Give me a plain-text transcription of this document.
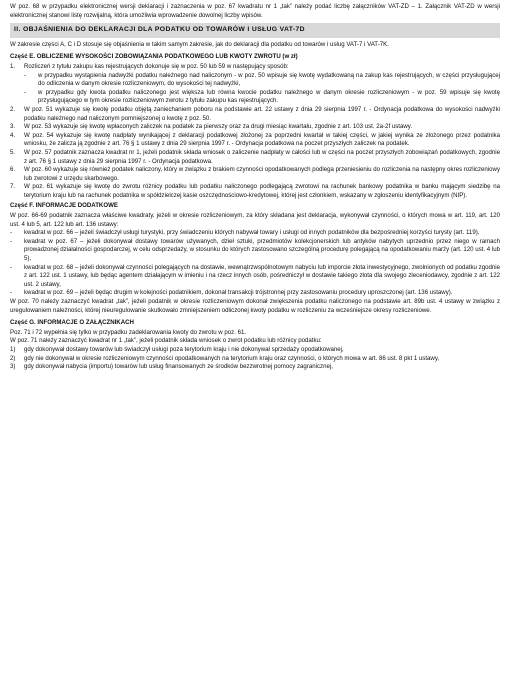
W poz. 68 w przypadku elektronicznej wersji deklaracji i zaznaczenia w poz. 67 kwadratu nr 1 „tak” należy podać liczbę załączników VAT-ZD – 1. Załącznik VAT-ZD w wersji elektronicznej stanowi listę rozwijalną, która umożliwia wprowadzenie dowolnej liczby wpisów.

II. OBJAŚNIENIA DO DEKLARACJI DLA PODATKU OD TOWARÓW I USŁUG VAT-7D

W zakresie części A, C i D stosuje się objaśnienia w takim samym zakresie, jak do deklaracji dla podatku od towarów i usług VAT-7 i VAT-7K.

Część E. OBLICZENIE WYSOKOŚCI ZOBOWIĄZANIA PODATKOWEGO LUB KWOTY ZWROTU (w zł)

1.	Rozliczeń z tytułu zakupu kas rejestrujących dokonuje się w poz. 50 lub 59 w następujący sposób:
-	w przypadku wystąpienia nadwyżki podatku należnego nad naliczonym - w poz. 50 wpisuje się kwotę wydatkowaną na zakup kas rejestrujących, w części przysługującej do odliczenia w danym okresie rozliczeniowym, do wysokości tej nadwyżki,
-	w przypadku gdy kwota podatku naliczonego jest większa lub równa kwocie podatku należnego w danym okresie rozliczeniowym - w poz. 59 wpisuje się kwotę przysługującego w tym okresie rozliczeniowym zwrotu z tytułu zakupu kas rejestrujących.
2.	W poz. 51 wykazuje się kwotę podatku objętą zaniechaniem poboru na podstawie art. 22 ustawy z dnia 29 sierpnia 1997 r. - Ordynacja podatkowa do wysokości nadwyżki podatku należnego nad naliczonym pomniejszonej o kwotę z poz. 50.
3.	W poz. 53 wykazuje się kwotę wpłaconych zaliczek na podatek za pierwszy oraz za drugi miesiąc kwartału, zgodnie z art. 103 ust. 2a-2f ustawy.
4.	W poz. 54 wykazuje się kwotę nadpłaty wynikającej z deklaracji podatkowej złożonej za poprzedni kwartał w takiej części, w jakiej wynika ze złożonego przez podatnika wniosku, że zalicza ją zgodnie z art. 76 § 1 ustawy z dnia 29 sierpnia 1997 r. - Ordynacja podatkowa na poczet przyszłych zaliczek na podatek.
5.	W poz. 57 podatnik zaznacza kwadrat nr 1, jeżeli podatnik składa wniosek o zaliczenie nadpłaty w całości lub w części na poczet przyszłych zobowiązań podatkowych, zgodnie z art. 76 § 1 ustawy z dnia 29 sierpnia 1997 r. - Ordynacja podatkowa.
6.	W poz. 60 wykazuje się również podatek naliczony, który w związku z brakiem czynności opodatkowanych podlega przeniesieniu do rozliczenia na następny okres rozliczeniowy lub zwrotowi z urzędu skarbowego.
7.	W poz. 61 wykazuje się kwotę do zwrotu różnicy podatku lub podatku naliczonego podlegającą zwrotowi na rachunek bankowy podatnika w banku mającym siedzibę na terytorium kraju lub na rachunek podatnika w spółdzielczej kasie oszczędnościowo-kredytowej, której jest członkiem, wskazany w zgłoszeniu identyfikacyjnym (NIP).

Część F. INFORMACJE DODATKOWE

W poz. 66-69 podatnik zaznacza właściwe kwadraty, jeżeli w okresie rozliczeniowym, za który składana jest deklaracja, wykonywał czynności, o których mowa w art. 119, art. 120 ust. 4 lub 5, art. 122 lub art. 136 ustawy:

-	kwadrat w poz. 66 – jeżeli świadczył usługi turystyki, przy świadczeniu których nabywał towary i usługi od innych podatników dla bezpośredniej korzyści turysty (art. 119),
-	kwadrat w poz. 67 – jeżeli dokonywał dostawy towarów używanych, dzieł sztuki, przedmiotów kolekcjonerskich lub antyków nabytych uprzednio przez niego w ramach prowadzonej działalności gospodarczej, w celu odsprzedaży, w stosunku do których zastosowano szczególną procedurę polegającą na opodatkowaniu marży (art. 120 ust. 4 lub 5),
-	kwadrat w poz. 68 – jeżeli dokonywał czynności polegających na dostawie, wewnątrzwspólnotowym nabyciu lub imporcie złota inwestycyjnego, zwolnionych od podatku zgodnie z art. 122 ust. 1 ustawy, lub będąc agentem działającym w imieniu i na rzecz innych osób, pośredniczył w dostawie takiego złota dla swojego zleceniodawcy, zgodnie z art. 122 ust. 2 ustawy,
-	kwadrat w poz. 69 – jeżeli będąc drugim w kolejności podatnikiem, dokonał transakcji trójstronnej przy zastosowaniu procedury uproszczonej (art. 136 ustawy).

W poz. 70 należy zaznaczyć kwadrat „tak”, jeżeli podatnik w okresie rozliczeniowym dokonał zwiększenia podatku naliczonego na podstawie art. 89b ust. 4 ustawy w związku z uregulowaniem należności, której nieuregulowanie skutkowało zmniejszeniem odliczonej kwoty podatku w rozliczeniu za wcześniejsze okresy rozliczeniowe.

Część G. INFORMACJE O ZAŁĄCZNIKACH

Poz. 71 i 72 wypełnia się tylko w przypadku zadeklarowania kwoty do zwrotu w poz. 61.

W poz. 71 należy zaznaczyć kwadrat nr 1 „tak”, jeżeli podatnik składa wniosek o zwrot podatku lub różnicy podatku:

1)	gdy dokonywał dostawy towarów lub świadczył usługi poza terytorium kraju i nie dokonywał sprzedaży opodatkowanej,
2)	gdy nie dokonywał w okresie rozliczeniowym czynności opodatkowanych na terytorium kraju oraz czynności, o których mowa w art. 86 ust. 8 pkt 1 ustawy,
3)	gdy dokonywał nabycia (importu) towarów lub usług finansowanych ze środków bezzwrotnej pomocy zagranicznej,
